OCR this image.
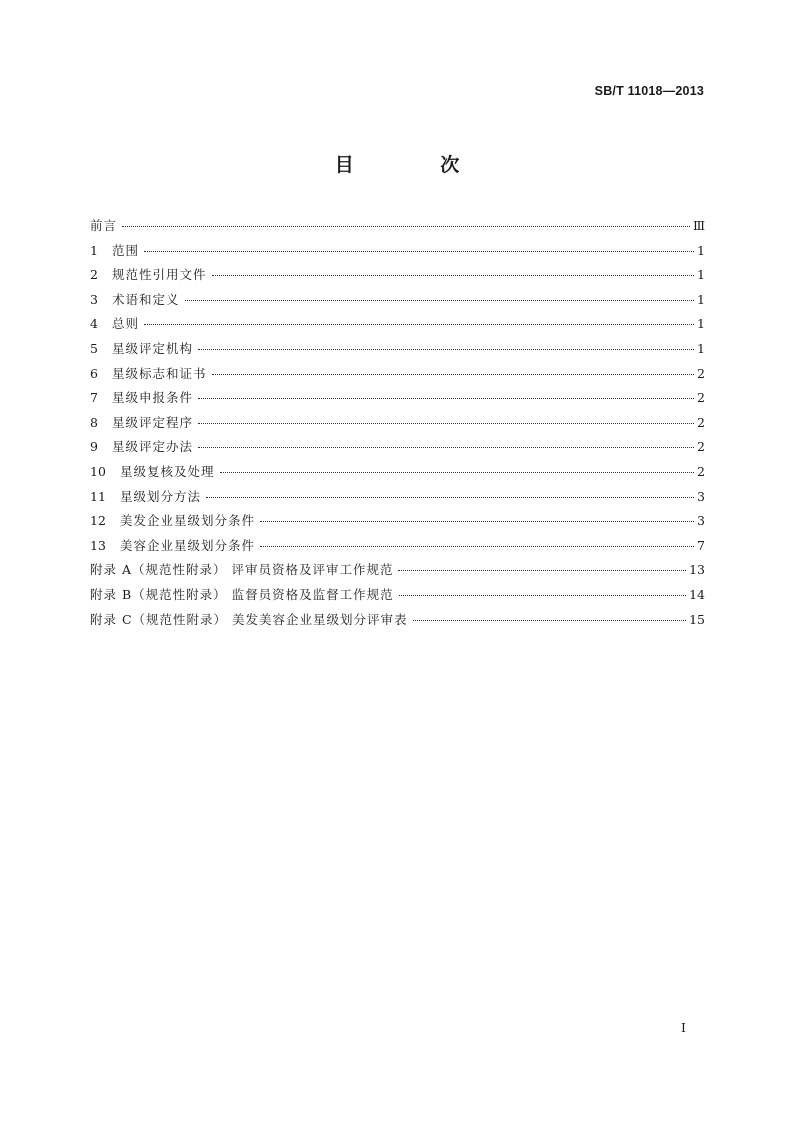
SB/T 11018—2013
目 次
前言	Ⅲ
1	范围	1
2	规范性引用文件	1
3	术语和定义	1
4	总则	1
5	星级评定机构	1
6	星级标志和证书	2
7	星级申报条件	2
8	星级评定程序	2
9	星级评定办法	2
10	星级复核及处理	2
11	星级划分方法	3
12	美发企业星级划分条件	3
13	美容企业星级划分条件	7
附录 A（规范性附录） 评审员资格及评审工作规范	13
附录 B（规范性附录） 监督员资格及监督工作规范	14
附录 C（规范性附录） 美发美容企业星级划分评审表	15
I
